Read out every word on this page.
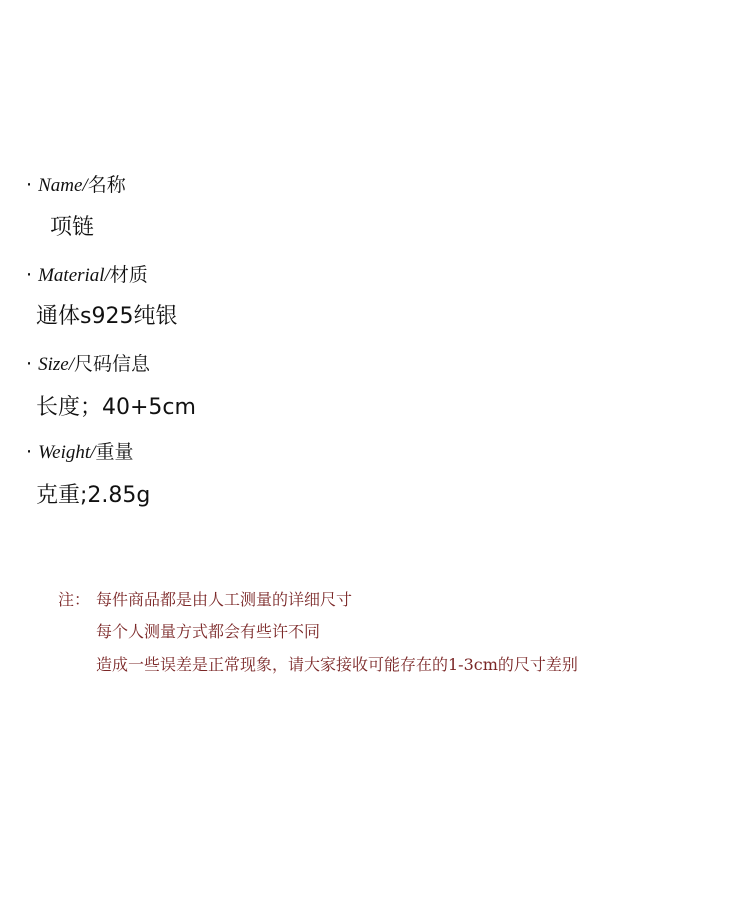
· Name/名称
项链
· Material/材质
通体s925纯银
· Size/尺码信息
长度；40+5cm
· Weight/重量
克重;2.85g
注： 每件商品都是由人工测量的详细尺寸
每个人测量方式都会有些许不同
造成一些误差是正常现象，请大家接收可能存在的1-3cm的尺寸差别
